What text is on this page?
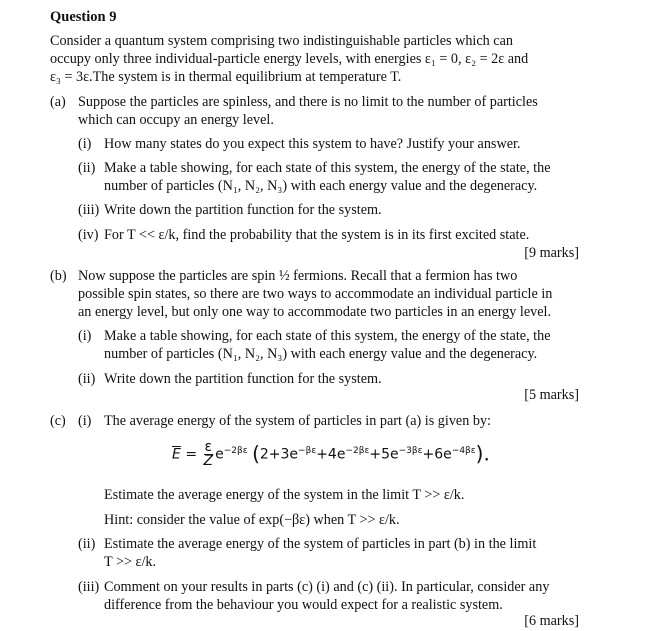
Question 9
Consider a quantum system comprising two indistinguishable particles which can
occupy only three individual-particle energy levels, with energies ε₁ = 0, ε₂ = 2ε and
ε₃ = 3ε.The system is in thermal equilibrium at temperature T.
(a) Suppose the particles are spinless, and there is no limit to the number of particles
which can occupy an energy level.
(i) How many states do you expect this system to have? Justify your answer.
(ii) Make a table showing, for each state of this system, the energy of the state, the
number of particles (N₁, N₂, N₃) with each energy value and the degeneracy.
(iii) Write down the partition function for the system.
(iv) For T << ε/k, find the probability that the system is in its first excited state.
[9 marks]
(b) Now suppose the particles are spin ½ fermions. Recall that a fermion has two
possible spin states, so there are two ways to accommodate an individual particle in
an energy level, but only one way to accommodate two particles in an energy level.
(i) Make a table showing, for each state of this system, the energy of the state, the
number of particles (N₁, N₂, N₃) with each energy value and the degeneracy.
(ii) Write down the partition function for the system.
[5 marks]
(c) (i) The average energy of the system of particles in part (a) is given by:
$\overline{E} = \frac{\varepsilon}{Z} e^{-2\beta\varepsilon}$ $(2+3e^{-\beta\varepsilon}+4e^{-2\beta\varepsilon}+5e^{-3\beta\varepsilon}+6e^{-4\beta\varepsilon})$.
Estimate the average energy of the system in the limit T >> ε/k.
Hint: consider the value of exp(−βε) when T >> ε/k.
(ii) Estimate the average energy of the system of particles in part (b) in the limit
T >> ε/k.
(iii) Comment on your results in parts (c) (i) and (c) (ii). In particular, consider any
difference from the behaviour you would expect for a realistic system.
[6 marks]
